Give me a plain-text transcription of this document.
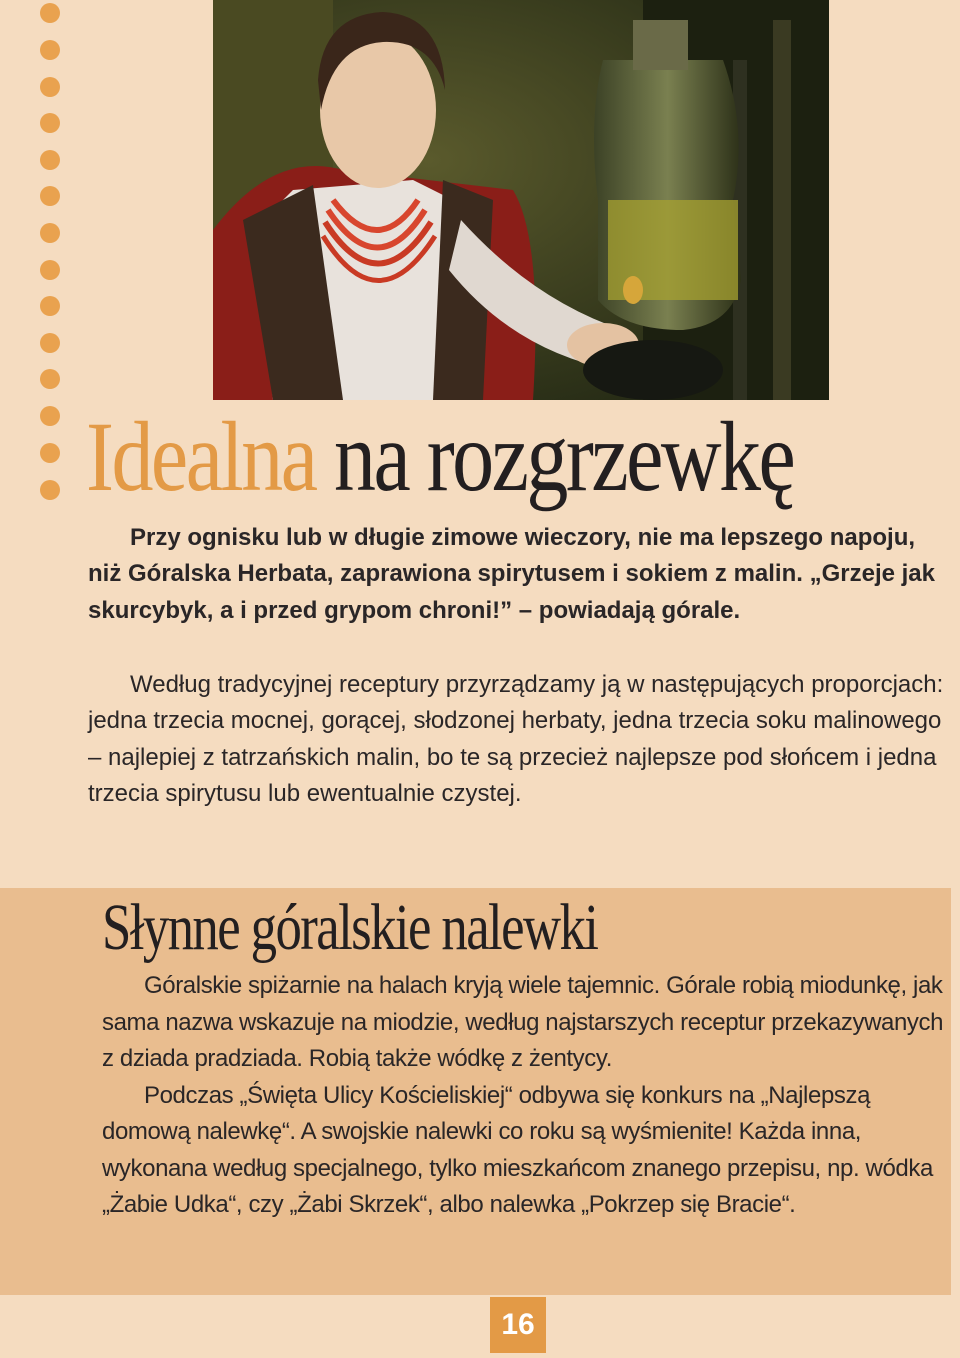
Idealna na rozgrzewkę

Przy ognisku lub w długie zimowe wieczory, nie ma lepszego napoju, niż Góralska Herbata, zaprawiona spirytusem i sokiem z malin. „Grzeje jak skurcybyk, a i przed grypom chroni!” – powiadają górale.

Według tradycyjnej receptury przyrządzamy ją w następujących proporcjach: jedna trzecia mocnej, gorącej, słodzonej herbaty, jedna trzecia soku malinowego – najlepiej z tatrzańskich malin, bo te są przecież najlepsze pod słońcem i jedna trzecia spirytusu lub ewentualnie czystej.

Słynne góralskie nalewki

Góralskie spiżarnie na halach kryją wiele tajemnic. Górale robią miodunkę, jak sama nazwa wskazuje na miodzie, według najstarszych receptur przekazywanych z dziada pradziada. Robią także wódkę z żentycy.

Podczas „Święta Ulicy Kościeliskiej“ odbywa się konkurs na „Najlepszą domową nalewkę“. A swojskie nalewki co roku są wyśmienite! Każda inna, wykonana według specjalnego, tylko mieszkańcom znanego przepisu, np. wódka „Żabie Udka“, czy „Żabi Skrzek“, albo nalewka „Pokrzep się Bracie“.

16
